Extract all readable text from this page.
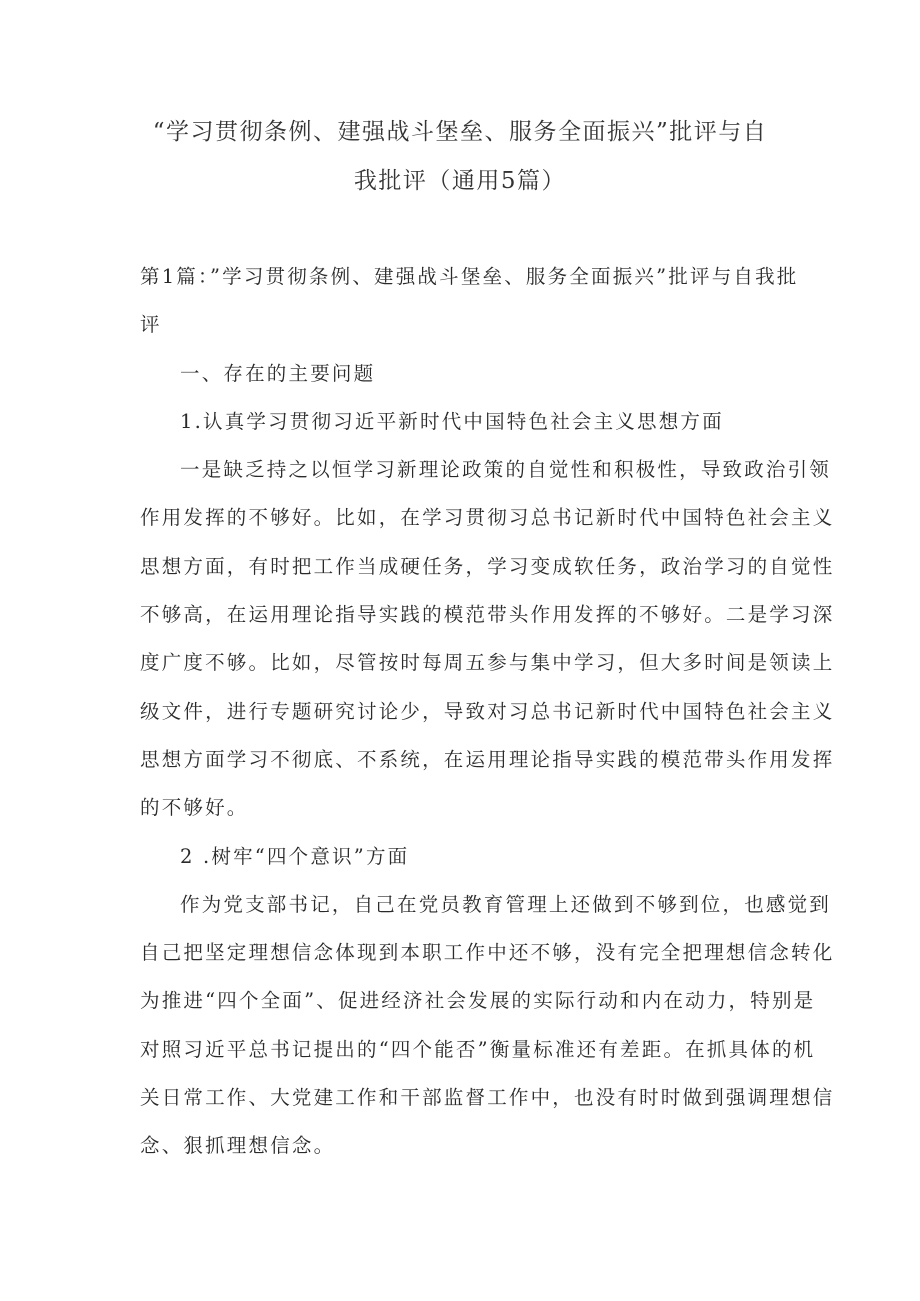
“学习贯彻条例、建强战斗堡垒、服务全面振兴”批评与自
我批评（通用5篇）
第1篇：”学习贯彻条例、建强战斗堡垒、服务全面振兴”批评与自我批
评
一、存在的主要问题
1.认真学习贯彻习近平新时代中国特色社会主义思想方面
一是缺乏持之以恒学习新理论政策的自觉性和积极性，导致政治引领
作用发挥的不够好。比如，在学习贯彻习总书记新时代中国特色社会主义
思想方面，有时把工作当成硬任务，学习变成软任务，政治学习的自觉性
不够高，在运用理论指导实践的模范带头作用发挥的不够好。二是学习深
度广度不够。比如，尽管按时每周五参与集中学习，但大多时间是领读上
级文件，进行专题研究讨论少，导致对习总书记新时代中国特色社会主义
思想方面学习不彻底、不系统，在运用理论指导实践的模范带头作用发挥
的不够好。
2 .树牢“四个意识”方面
作为党支部书记，自己在党员教育管理上还做到不够到位，也感觉到
自己把坚定理想信念体现到本职工作中还不够，没有完全把理想信念转化
为推进“四个全面”、促进经济社会发展的实际行动和内在动力，特别是
对照习近平总书记提出的“四个能否”衡量标准还有差距。在抓具体的机
关日常工作、大党建工作和干部监督工作中，也没有时时做到强调理想信
念、狠抓理想信念。
